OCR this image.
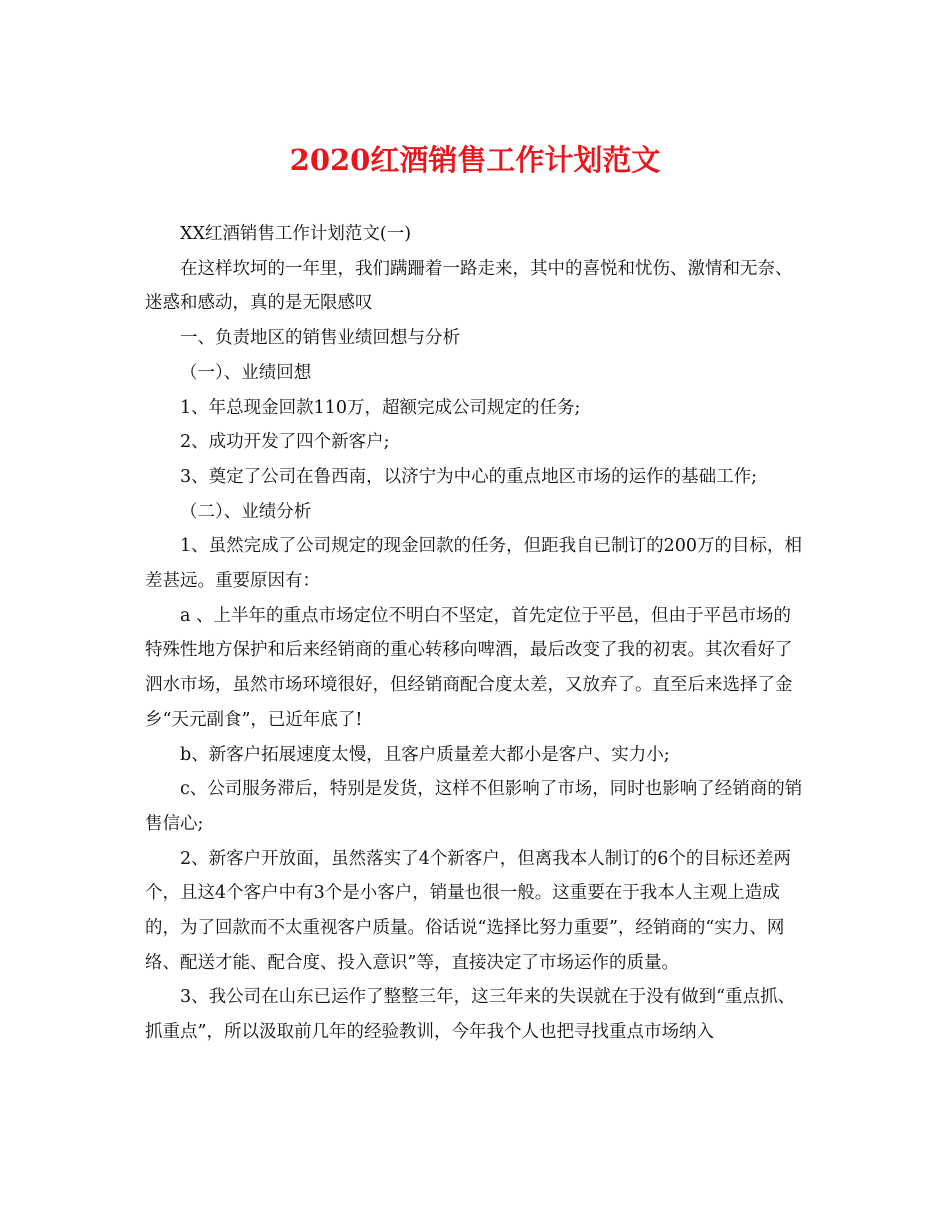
2020红酒销售工作计划范文

XX红酒销售工作计划范文(一)

在这样坎坷的一年里，我们蹒跚着一路走来，其中的喜悦和忧伤、激情和无奈、迷惑和感动，真的是无限感叹

一、负责地区的销售业绩回想与分析

（一）、业绩回想

1、年总现金回款110万，超额完成公司规定的任务;

2、成功开发了四个新客户;

3、奠定了公司在鲁西南，以济宁为中心的重点地区市场的运作的基础工作;

（二）、业绩分析

1、虽然完成了公司规定的现金回款的任务，但距我自已制订的200万的目标，相差甚远。重要原因有：

a 、上半年的重点市场定位不明白不坚定，首先定位于平邑，但由于平邑市场的特殊性地方保护和后来经销商的重心转移向啤酒，最后改变了我的初衷。其次看好了泗水市场，虽然市场环境很好，但经销商配合度太差，又放弃了。直至后来选择了金乡“天元副食”，已近年底了!

b、新客户拓展速度太慢，且客户质量差大都小是客户、实力小;

c、公司服务滞后，特别是发货，这样不但影响了市场，同时也影响了经销商的销售信心;

2、新客户开放面，虽然落实了4个新客户，但离我本人制订的6个的目标还差两个，且这4个客户中有3个是小客户，销量也很一般。这重要在于我本人主观上造成的，为了回款而不太重视客户质量。俗话说“选择比努力重要”，经销商的“实力、网络、配送才能、配合度、投入意识”等，直接决定了市场运作的质量。

3、我公司在山东已运作了整整三年，这三年来的失误就在于没有做到“重点抓、抓重点”，所以汲取前几年的经验教训，今年我个人也把寻找重点市场纳入
